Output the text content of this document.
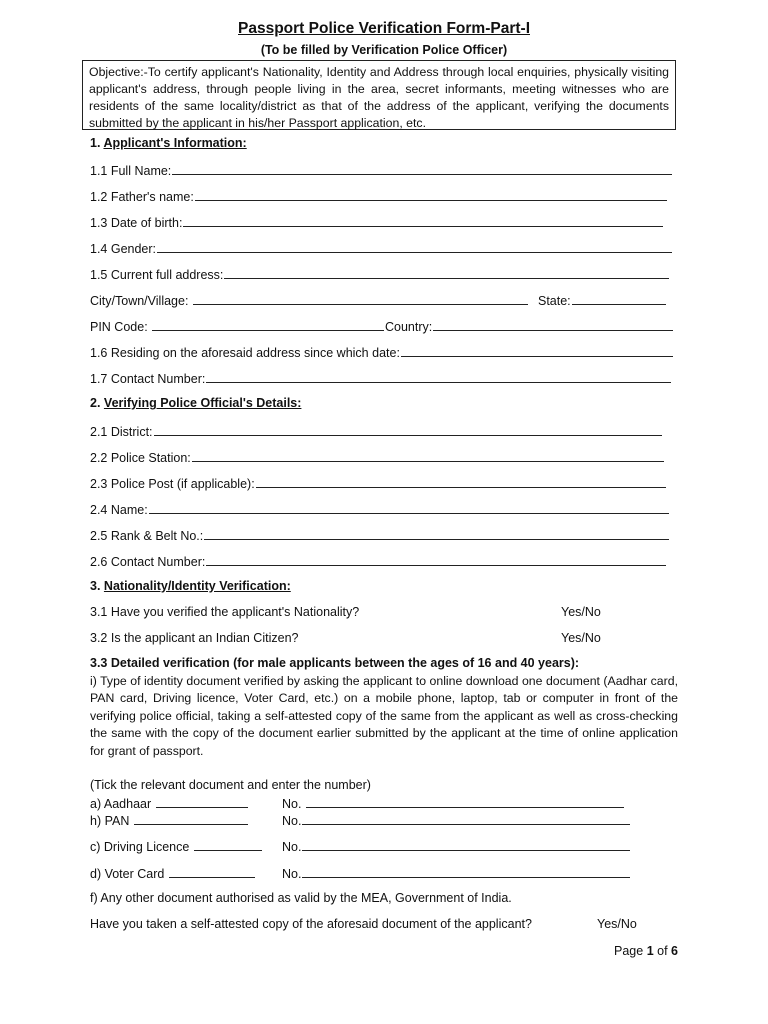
Passport Police Verification Form-Part-I
(To be filled by Verification Police Officer)
Objective:-To certify applicant's Nationality, Identity and Address through local enquiries, physically visiting applicant's address, through people living in the area, secret informants, meeting witnesses who are residents of the same locality/district as that of the address of the applicant, verifying the documents submitted by the applicant in his/her Passport application, etc.
1. Applicant's Information:
1.1 Full Name:
1.2 Father's name:
1.3 Date of birth:
1.4 Gender:
1.5 Current full address:
City/Town/Village:	State:
PIN Code:	Country:
1.6 Residing on the aforesaid address since which date:
1.7 Contact Number:
2. Verifying Police Official's Details:
2.1 District:
2.2 Police Station:
2.3 Police Post (if applicable):
2.4 Name:
2.5 Rank & Belt No.:
2.6 Contact Number:
3. Nationality/Identity Verification:
3.1 Have you verified the applicant's Nationality?	Yes/No
3.2 Is the applicant an Indian Citizen?	Yes/No
3.3 Detailed verification (for male applicants between the ages of 16 and 40 years):
i) Type of identity document verified by asking the applicant to online download one document (Aadhar card, PAN card, Driving licence, Voter Card, etc.) on a mobile phone, laptop, tab or computer in front of the verifying police official, taking a self-attested copy of the same from the applicant as well as cross-checking the same with the copy of the document earlier submitted by the applicant at the time of online application for grant of passport.
(Tick the relevant document and enter the number)
a) Aadhaar	No.
h) PAN	No.
c) Driving Licence	No.
d) Voter Card	No.
f) Any other document authorised as valid by the MEA, Government of India.
Have you taken a self-attested copy of the aforesaid document of the applicant?	Yes/No
Page 1 of 6
